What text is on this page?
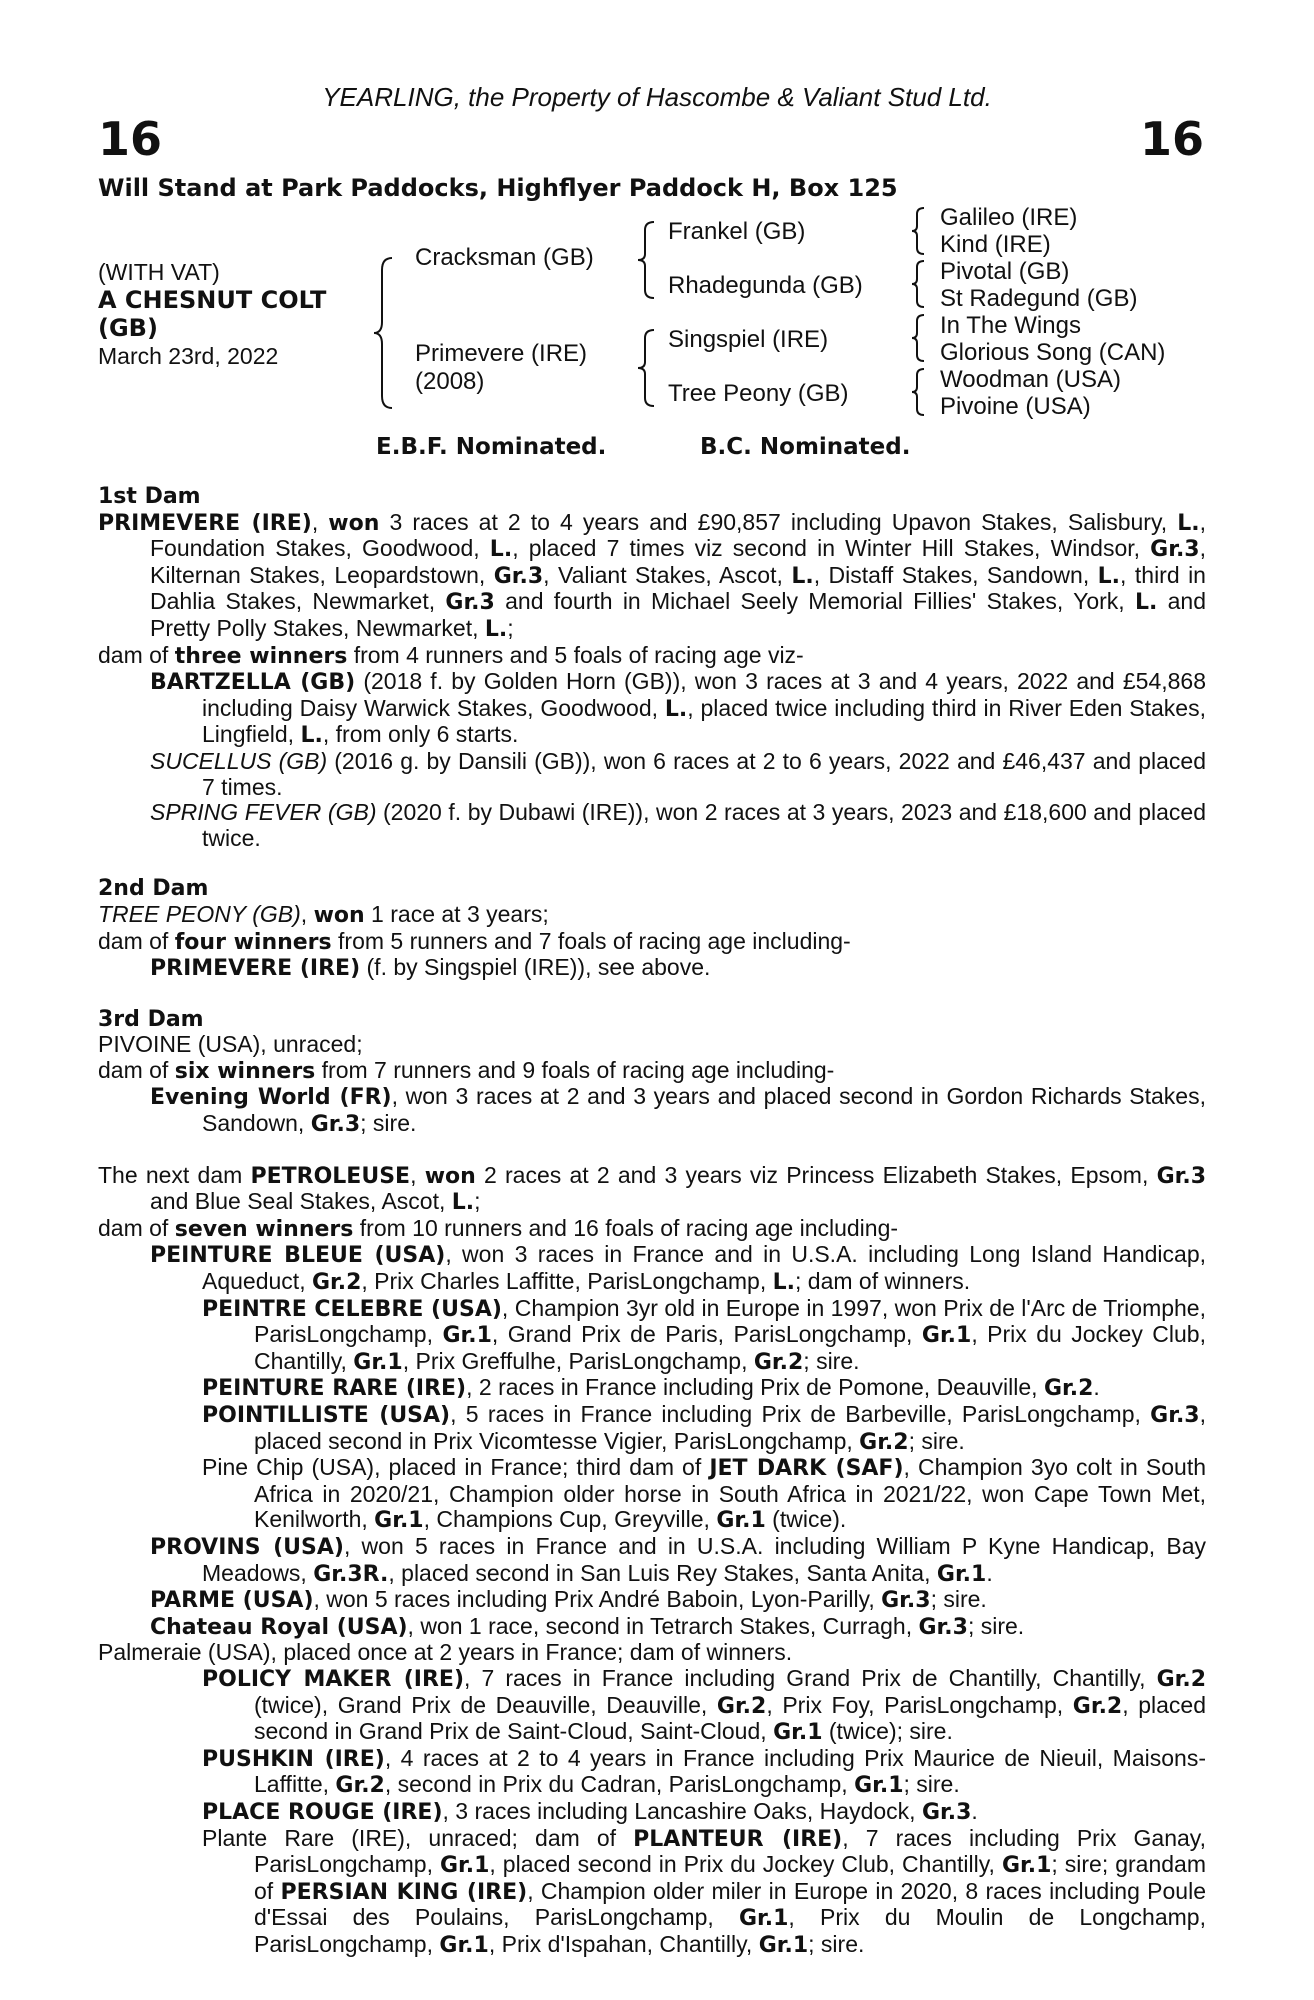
YEARLING, the Property of Hascombe & Valiant Stud Ltd.
16	16
Will Stand at Park Paddocks, Highflyer Paddock H, Box 125
(WITH VAT)
A CHESNUT COLT
(GB)
March 23rd, 2022
Cracksman (GB)
Primevere (IRE)
(2008)
Frankel (GB)
Rhadegunda (GB)
Singspiel (IRE)
Tree Peony (GB)
Galileo (IRE)
Kind (IRE)
Pivotal (GB)
St Radegund (GB)
In The Wings
Glorious Song (CAN)
Woodman (USA)
Pivoine (USA)
E.B.F. Nominated.	B.C. Nominated.
1st Dam
PRIMEVERE (IRE), won 3 races at 2 to 4 years and £90,857 including Upavon Stakes, Salisbury, L., Foundation Stakes, Goodwood, L., placed 7 times viz second in Winter Hill Stakes, Windsor, Gr.3, Kilternan Stakes, Leopardstown, Gr.3, Valiant Stakes, Ascot, L., Distaff Stakes, Sandown, L., third in Dahlia Stakes, Newmarket, Gr.3 and fourth in Michael Seely Memorial Fillies' Stakes, York, L. and Pretty Polly Stakes, Newmarket, L.;
dam of three winners from 4 runners and 5 foals of racing age viz-
BARTZELLA (GB) (2018 f. by Golden Horn (GB)), won 3 races at 3 and 4 years, 2022 and £54,868 including Daisy Warwick Stakes, Goodwood, L., placed twice including third in River Eden Stakes, Lingfield, L., from only 6 starts.
SUCELLUS (GB) (2016 g. by Dansili (GB)), won 6 races at 2 to 6 years, 2022 and £46,437 and placed 7 times.
SPRING FEVER (GB) (2020 f. by Dubawi (IRE)), won 2 races at 3 years, 2023 and £18,600 and placed twice.
2nd Dam
TREE PEONY (GB), won 1 race at 3 years;
dam of four winners from 5 runners and 7 foals of racing age including-
PRIMEVERE (IRE) (f. by Singspiel (IRE)), see above.
3rd Dam
PIVOINE (USA), unraced;
dam of six winners from 7 runners and 9 foals of racing age including-
Evening World (FR), won 3 races at 2 and 3 years and placed second in Gordon Richards Stakes, Sandown, Gr.3; sire.
The next dam PETROLEUSE, won 2 races at 2 and 3 years viz Princess Elizabeth Stakes, Epsom, Gr.3 and Blue Seal Stakes, Ascot, L.;
dam of seven winners from 10 runners and 16 foals of racing age including-
PEINTURE BLEUE (USA), won 3 races in France and in U.S.A. including Long Island Handicap, Aqueduct, Gr.2, Prix Charles Laffitte, ParisLongchamp, L.; dam of winners.
PEINTRE CELEBRE (USA), Champion 3yr old in Europe in 1997, won Prix de l'Arc de Triomphe, ParisLongchamp, Gr.1, Grand Prix de Paris, ParisLongchamp, Gr.1, Prix du Jockey Club, Chantilly, Gr.1, Prix Greffulhe, ParisLongchamp, Gr.2; sire.
PEINTURE RARE (IRE), 2 races in France including Prix de Pomone, Deauville, Gr.2.
POINTILLISTE (USA), 5 races in France including Prix de Barbeville, ParisLongchamp, Gr.3, placed second in Prix Vicomtesse Vigier, ParisLongchamp, Gr.2; sire.
Pine Chip (USA), placed in France; third dam of JET DARK (SAF), Champion 3yo colt in South Africa in 2020/21, Champion older horse in South Africa in 2021/22, won Cape Town Met, Kenilworth, Gr.1, Champions Cup, Greyville, Gr.1 (twice).
PROVINS (USA), won 5 races in France and in U.S.A. including William P Kyne Handicap, Bay Meadows, Gr.3R., placed second in San Luis Rey Stakes, Santa Anita, Gr.1.
PARME (USA), won 5 races including Prix André Baboin, Lyon-Parilly, Gr.3; sire.
Chateau Royal (USA), won 1 race, second in Tetrarch Stakes, Curragh, Gr.3; sire.
Palmeraie (USA), placed once at 2 years in France; dam of winners.
POLICY MAKER (IRE), 7 races in France including Grand Prix de Chantilly, Chantilly, Gr.2 (twice), Grand Prix de Deauville, Deauville, Gr.2, Prix Foy, ParisLongchamp, Gr.2, placed second in Grand Prix de Saint-Cloud, Saint-Cloud, Gr.1 (twice); sire.
PUSHKIN (IRE), 4 races at 2 to 4 years in France including Prix Maurice de Nieuil, Maisons-Laffitte, Gr.2, second in Prix du Cadran, ParisLongchamp, Gr.1; sire.
PLACE ROUGE (IRE), 3 races including Lancashire Oaks, Haydock, Gr.3.
Plante Rare (IRE), unraced; dam of PLANTEUR (IRE), 7 races including Prix Ganay, ParisLongchamp, Gr.1, placed second in Prix du Jockey Club, Chantilly, Gr.1; sire; grandam of PERSIAN KING (IRE), Champion older miler in Europe in 2020, 8 races including Poule d'Essai des Poulains, ParisLongchamp, Gr.1, Prix du Moulin de Longchamp, ParisLongchamp, Gr.1, Prix d'Ispahan, Chantilly, Gr.1; sire.
